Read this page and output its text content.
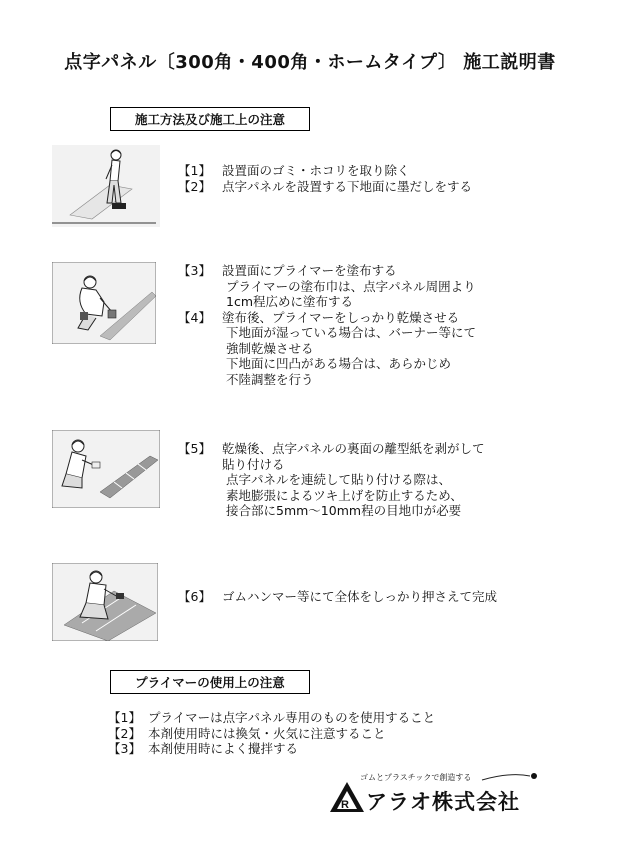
点字パネル〔300角・400角・ホームタイプ〕 施工説明書
施工方法及び施工上の注意
【1】 設置面のゴミ・ホコリを取り除く
【2】 点字パネルを設置する下地面に墨だしをする
【3】 設置面にプライマーを塗布する
プライマーの塗布巾は、点字パネル周囲より
1cm程広めに塗布する
【4】 塗布後、プライマーをしっかり乾燥させる
下地面が湿っている場合は、バーナー等にて
強制乾燥させる
下地面に凹凸がある場合は、あらかじめ
不陸調整を行う
【5】 乾燥後、点字パネルの裏面の離型紙を剥がして
貼り付ける
点字パネルを連続して貼り付ける際は、
素地膨張によるツキ上げを防止するため、
接合部に5mm〜10mm程の目地巾が必要
【6】 ゴムハンマー等にて全体をしっかり押さえて完成
プライマーの使用上の注意
【1】 プライマーは点字パネル専用のものを使用すること
【2】 本剤使用時には換気・火気に注意すること
【3】 本剤使用時によく攪拌する
ゴムとプラスチックで創造する
R アラオ株式会社
